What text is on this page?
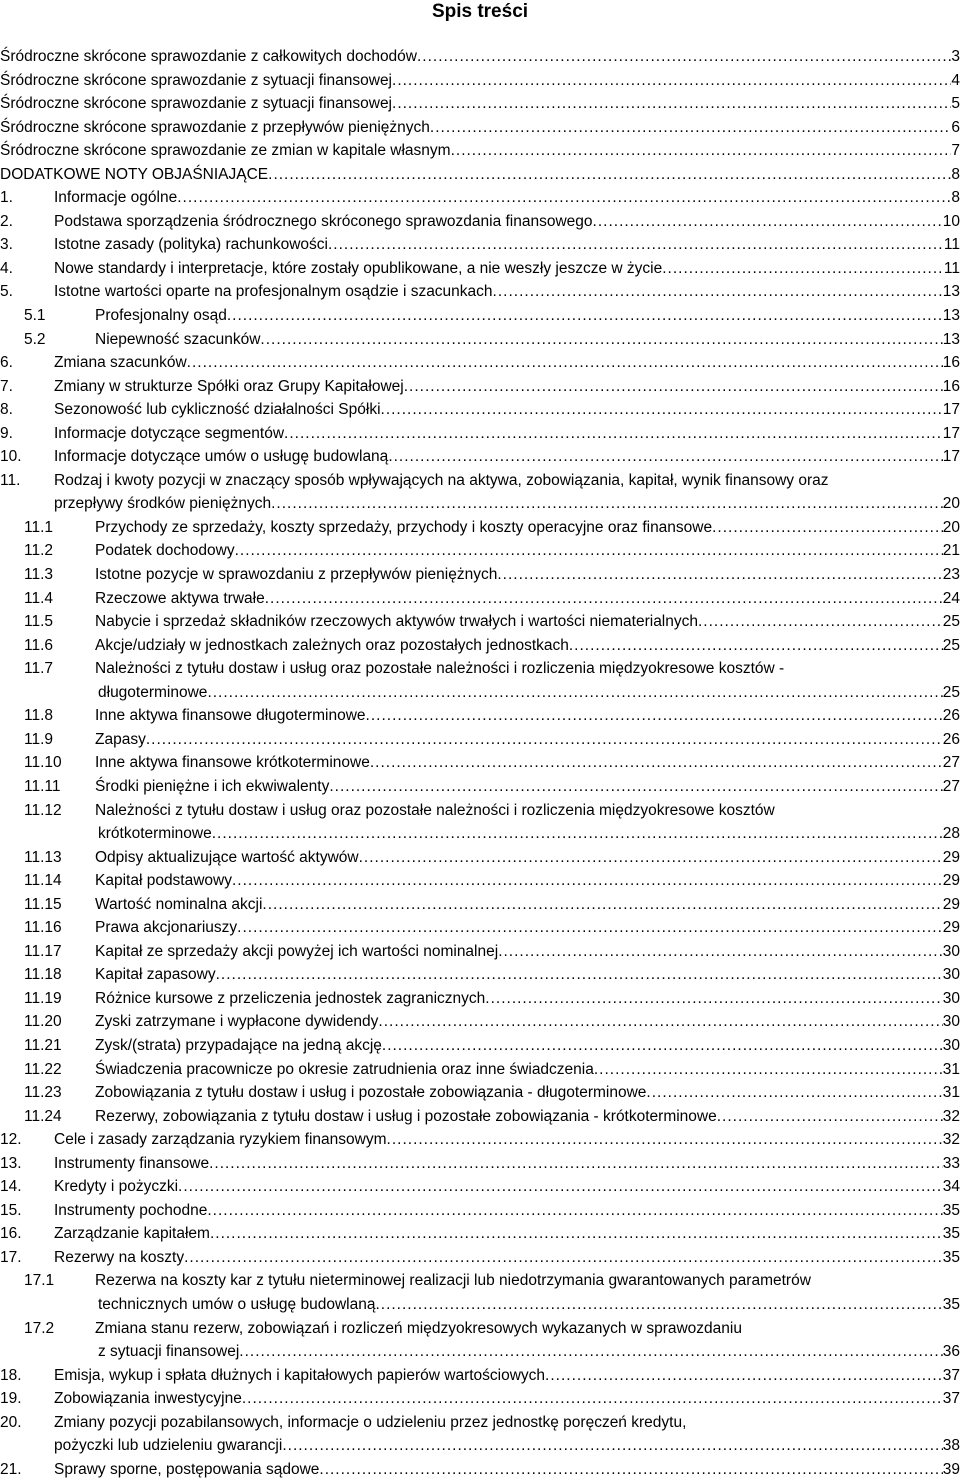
Spis treści
Śródroczne skrócone sprawozdanie z całkowitych dochodów .....	3
Śródroczne skrócone sprawozdanie z sytuacji finansowej .....	4
Śródroczne skrócone sprawozdanie z sytuacji finansowej .....	5
Śródroczne skrócone sprawozdanie z przepływów pieniężnych .....	6
Śródroczne skrócone sprawozdanie ze zmian w kapitale własnym .....	7
DODATKOWE NOTY OBJAŚNIAJĄCE .....	8
1.	Informacje ogólne .....	8
2.	Podstawa sporządzenia śródrocznego skróconego sprawozdania finansowego .....	10
3.	Istotne zasady (polityka) rachunkowości .....	11
4.	Nowe standardy i interpretacje, które zostały opublikowane, a nie weszły jeszcze w życie .....	11
5.	Istotne wartości oparte na profesjonalnym osądzie i szacunkach .....	13
5.1	Profesjonalny osąd .....	13
5.2	Niepewność szacunków .....	13
6.	Zmiana szacunków .....	16
7.	Zmiany w strukturze Spółki oraz Grupy Kapitałowej .....	16
8.	Sezonowość lub cykliczność działalności Spółki .....	17
9.	Informacje dotyczące segmentów .....	17
10. Informacje dotyczące umów o usługę budowlaną .....	17
11. Rodzaj i kwoty pozycji w znaczący sposób wpływających na aktywa, zobowiązania, kapitał, wynik finansowy oraz
przepływy środków pieniężnych .....	20
11.1	Przychody ze sprzedaży, koszty sprzedaży, przychody i koszty operacyjne oraz finansowe .....	20
11.2	Podatek dochodowy .....	21
11.3	Istotne pozycje w sprawozdaniu z przepływów pieniężnych .....	23
11.4	Rzeczowe aktywa trwałe .....	24
11.5	Nabycie i sprzedaż składników rzeczowych aktywów trwałych i wartości niematerialnych .....	25
11.6	Akcje/udziały w jednostkach zależnych oraz pozostałych jednostkach .....	25
11.7	Należności z tytułu dostaw i usług oraz pozostałe należności i rozliczenia międzyokresowe kosztów -
długoterminowe .....	25
11.8	Inne aktywa finansowe długoterminowe .....	26
11.9	Zapasy .....	26
11.10 Inne aktywa finansowe krótkoterminowe .....	27
11.11 Środki pieniężne i ich ekwiwalenty .....	27
11.12 Należności z tytułu dostaw i usług oraz pozostałe należności i rozliczenia międzyokresowe kosztów
krótkoterminowe .....	28
11.13 Odpisy aktualizujące wartość aktywów .....	29
11.14 Kapitał podstawowy .....	29
11.15 Wartość nominalna akcji .....	29
11.16 Prawa akcjonariuszy .....	29
11.17 Kapitał ze sprzedaży akcji powyżej ich wartości nominalnej .....	30
11.18 Kapitał zapasowy .....	30
11.19 Różnice kursowe z przeliczenia jednostek zagranicznych .....	30
11.20 Zyski zatrzymane i wypłacone dywidendy .....	30
11.21 Zysk/(strata) przypadające na jedną akcję .....	30
11.22 Świadczenia pracownicze po okresie zatrudnienia oraz inne świadczenia .....	31
11.23 Zobowiązania z tytułu dostaw i usług i pozostałe zobowiązania - długoterminowe .....	31
11.24 Rezerwy, zobowiązania z tytułu dostaw i usług i pozostałe zobowiązania - krótkoterminowe .....	32
12. Cele i zasady zarządzania ryzykiem finansowym .....	32
13. Instrumenty finansowe .....	33
14. Kredyty i pożyczki .....	34
15. Instrumenty pochodne .....	35
16. Zarządzanie kapitałem .....	35
17. Rezerwy na koszty .....	35
17.1	Rezerwa na koszty kar z tytułu nieterminowej realizacji lub niedotrzymania gwarantowanych parametrów
technicznych umów o usługę budowlaną .....	35
17.2	Zmiana stanu rezerw, zobowiązań i rozliczeń międzyokresowych wykazanych w sprawozdaniu
z sytuacji finansowej .....	36
18. Emisja, wykup i spłata dłużnych i kapitałowych papierów wartościowych .....	37
19. Zobowiązania inwestycyjne .....	37
20. Zmiany pozycji pozabilansowych, informacje o udzieleniu przez jednostkę poręczeń kredytu,
pożyczki lub udzieleniu gwarancji .....	38
21. Sprawy sporne, postępowania sądowe .....	39
